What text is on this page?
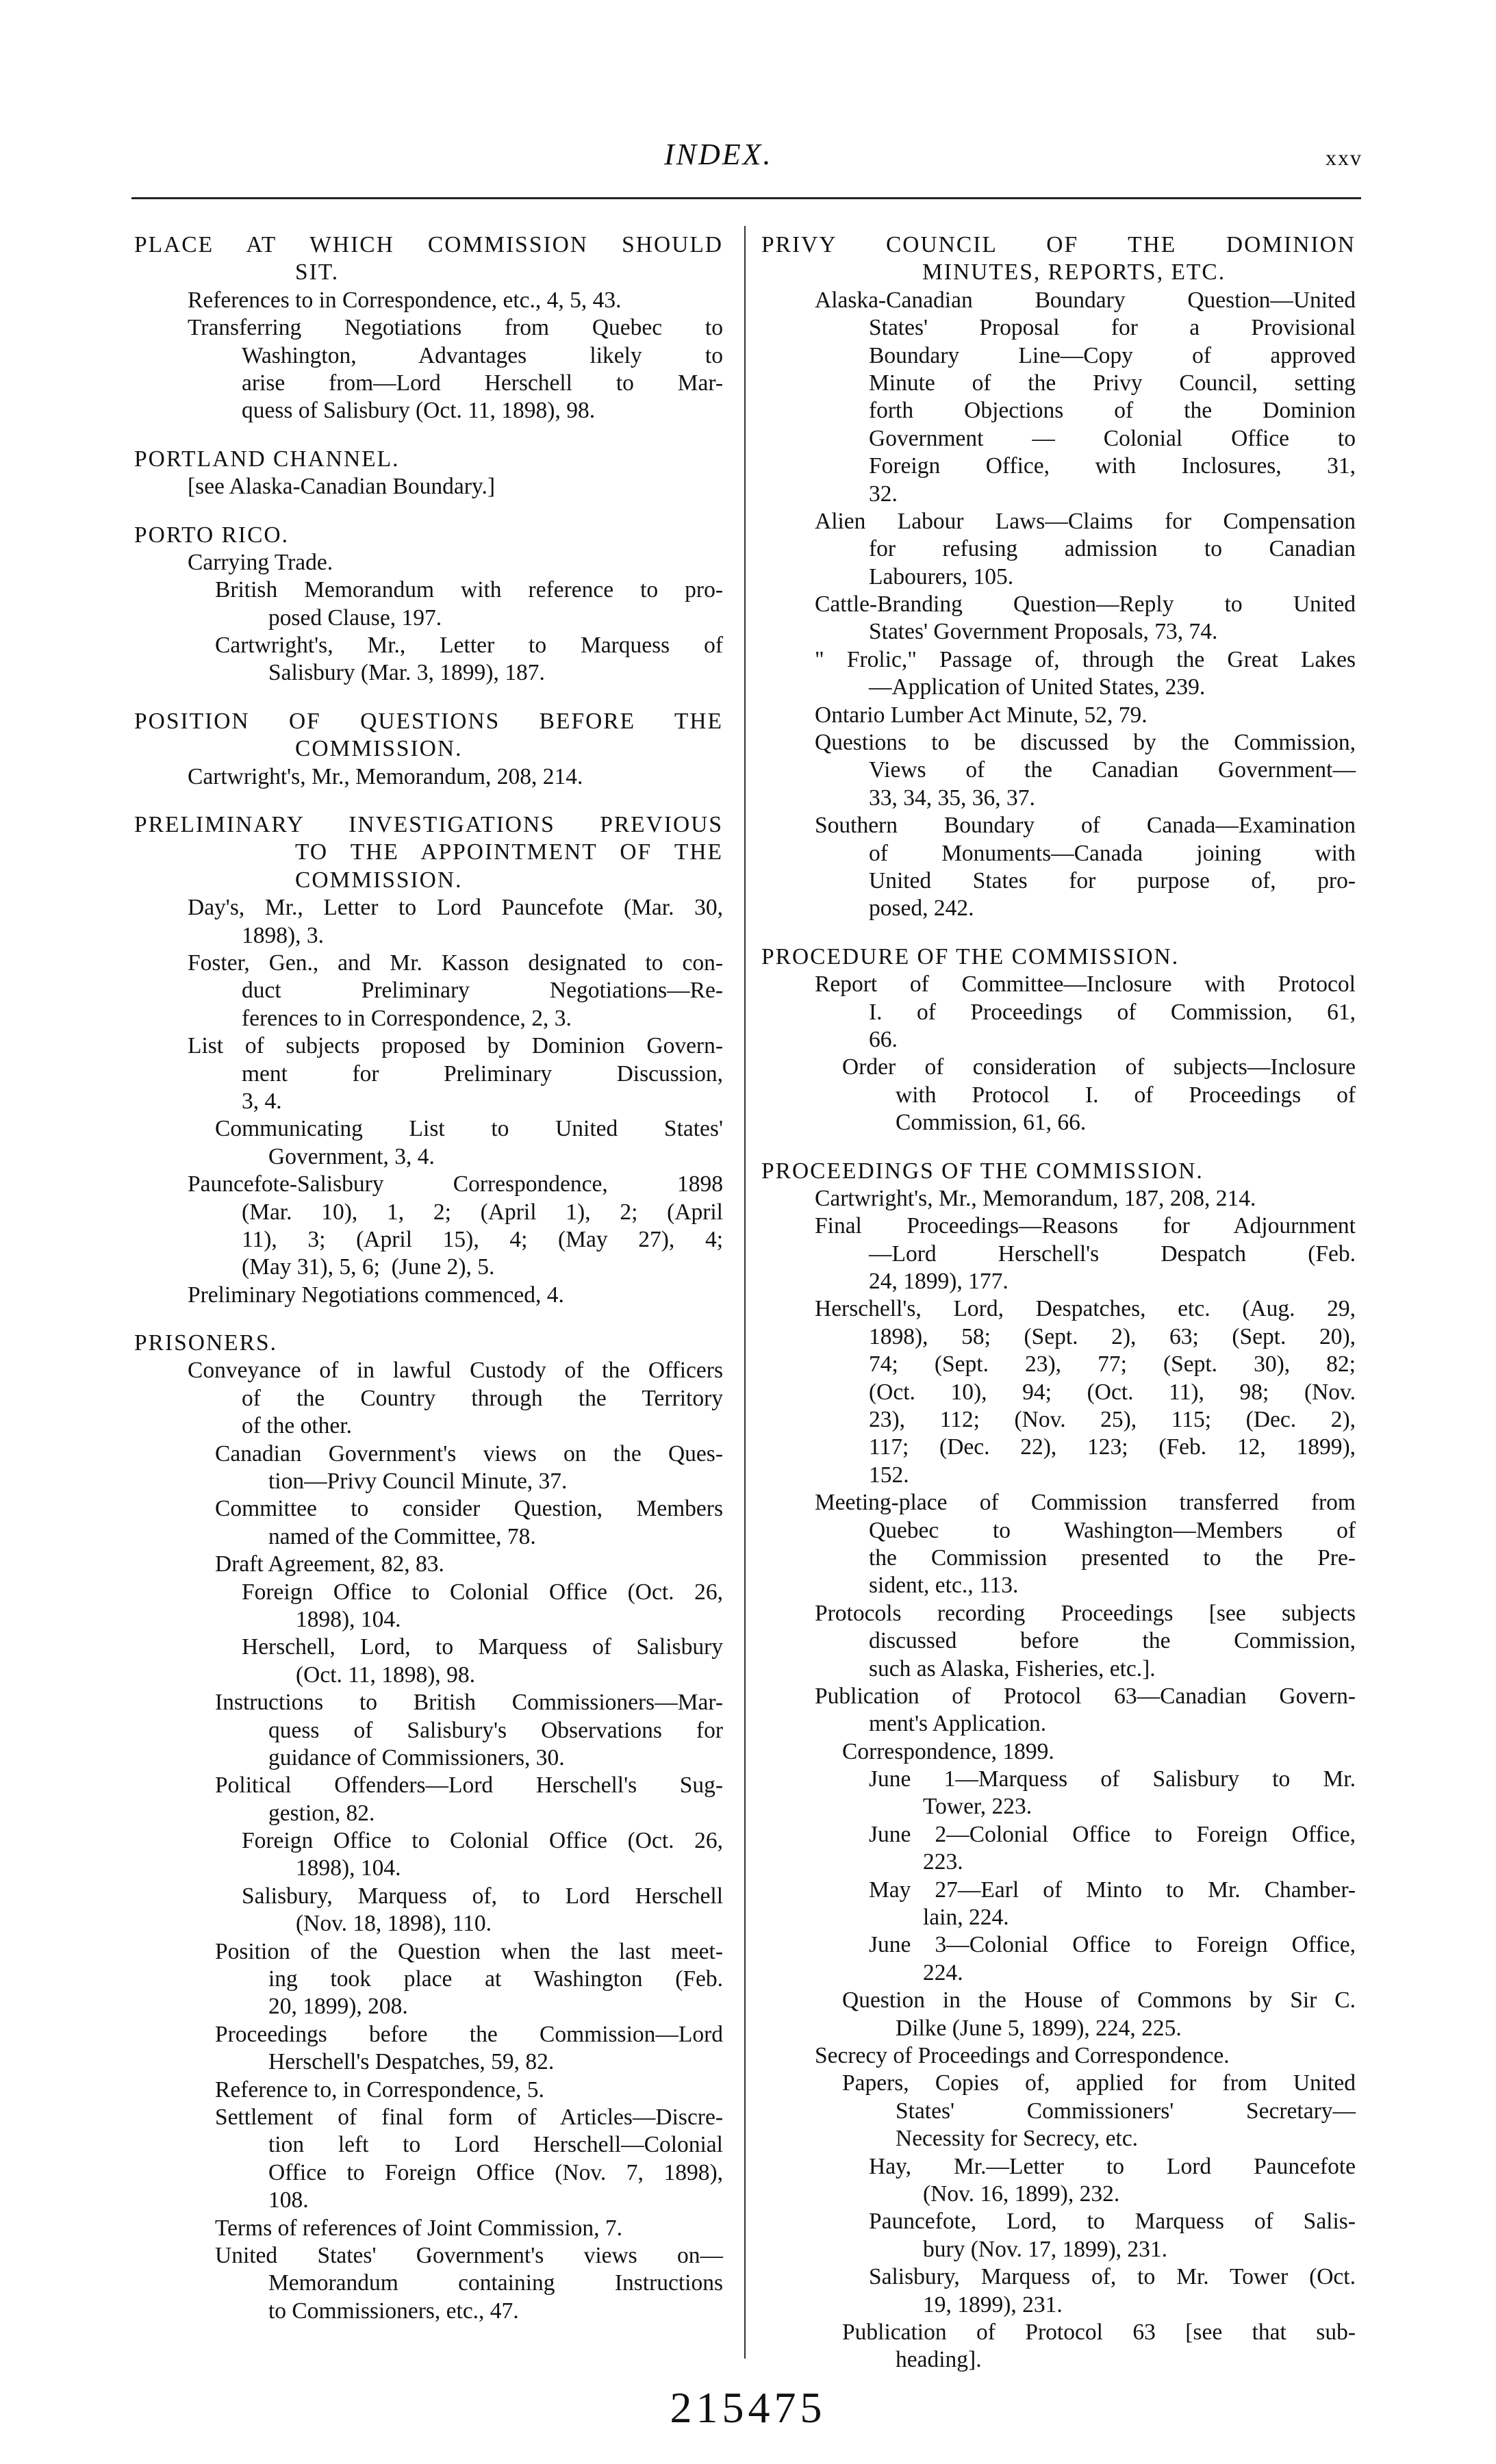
INDEX.	xxv
PLACE AT WHICH COMMISSION SHOULD
SIT.
References to in Correspondence, etc., 4, 5, 43.
Transferring Negotiations from Quebec to
Washington, Advantages likely to
arise from—Lord Herschell to Mar-
quess of Salisbury (Oct. 11, 1898), 98.
PORTLAND CHANNEL.
[see Alaska-Canadian Boundary.]
PORTO RICO.
Carrying Trade.
British Memorandum with reference to pro-
posed Clause, 197.
Cartwright's, Mr., Letter to Marquess of
Salisbury (Mar. 3, 1899), 187.
POSITION OF QUESTIONS BEFORE THE
COMMISSION.
Cartwright's, Mr., Memorandum, 208, 214.
PRELIMINARY INVESTIGATIONS PREVIOUS
TO THE APPOINTMENT OF THE
COMMISSION.
Day's, Mr., Letter to Lord Pauncefote (Mar. 30,
1898), 3.
Foster, Gen., and Mr. Kasson designated to con-
duct Preliminary Negotiations—Re-
ferences to in Correspondence, 2, 3.
List of subjects proposed by Dominion Govern-
ment for Preliminary Discussion,
3, 4.
Communicating List to United States'
Government, 3, 4.
Pauncefote-Salisbury Correspondence, 1898
(Mar. 10), 1, 2; (April 1), 2; (April
11), 3; (April 15), 4; (May 27), 4;
(May 31), 5, 6;  (June 2), 5.
Preliminary Negotiations commenced, 4.
PRISONERS.
Conveyance of in lawful Custody of the Officers
of the Country through the Territory
of the other.
Canadian Government's views on the Ques-
tion—Privy Council Minute, 37.
Committee to consider Question, Members
named of the Committee, 78.
Draft Agreement, 82, 83.
Foreign Office to Colonial Office (Oct. 26,
1898), 104.
Herschell, Lord, to Marquess of Salisbury
(Oct. 11, 1898), 98.
Instructions to British Commissioners—Mar-
quess of Salisbury's Observations for
guidance of Commissioners, 30.
Political Offenders—Lord Herschell's Sug-
gestion, 82.
Foreign Office to Colonial Office (Oct. 26,
1898), 104.
Salisbury, Marquess of, to Lord Herschell
(Nov. 18, 1898), 110.
Position of the Question when the last meet-
ing took place at Washington (Feb.
20, 1899), 208.
Proceedings before the Commission—Lord
Herschell's Despatches, 59, 82.
Reference to, in Correspondence, 5.
Settlement of final form of Articles—Discre-
tion left to Lord Herschell—Colonial
Office to Foreign Office (Nov. 7, 1898),
108.
Terms of references of Joint Commission, 7.
United States' Government's views on—
Memorandum containing Instructions
to Commissioners, etc., 47.
PRIVY COUNCIL OF THE DOMINION
MINUTES, REPORTS, ETC.
Alaska-Canadian Boundary Question—United
States' Proposal for a Provisional
Boundary Line—Copy of approved
Minute of the Privy Council, setting
forth Objections of the Dominion
Government — Colonial Office to
Foreign Office, with Inclosures, 31,
32.
Alien Labour Laws—Claims for Compensation
for refusing admission to Canadian
Labourers, 105.
Cattle-Branding Question—Reply to United
States' Government Proposals, 73, 74.
" Frolic," Passage of, through the Great Lakes
—Application of United States, 239.
Ontario Lumber Act Minute, 52, 79.
Questions to be discussed by the Commission,
Views of the Canadian Government—
33, 34, 35, 36, 37.
Southern Boundary of Canada—Examination
of Monuments—Canada joining with
United States for purpose of, pro-
posed, 242.
PROCEDURE OF THE COMMISSION.
Report of Committee—Inclosure with Protocol
I. of Proceedings of Commission, 61,
66.
Order of consideration of subjects—Inclosure
with Protocol I. of Proceedings of
Commission, 61, 66.
PROCEEDINGS OF THE COMMISSION.
Cartwright's, Mr., Memorandum, 187, 208, 214.
Final Proceedings—Reasons for Adjournment
—Lord Herschell's Despatch (Feb.
24, 1899), 177.
Herschell's, Lord, Despatches, etc. (Aug. 29,
1898), 58; (Sept. 2), 63; (Sept. 20),
74; (Sept. 23), 77; (Sept. 30), 82;
(Oct. 10), 94; (Oct. 11), 98; (Nov.
23), 112; (Nov. 25), 115; (Dec. 2),
117; (Dec. 22), 123; (Feb. 12, 1899),
152.
Meeting-place of Commission transferred from
Quebec to Washington—Members of
the Commission presented to the Pre-
sident, etc., 113.
Protocols recording Proceedings [see subjects
discussed before the Commission,
such as Alaska, Fisheries, etc.].
Publication of Protocol 63—Canadian Govern-
ment's Application.
Correspondence, 1899.
June 1—Marquess of Salisbury to Mr.
Tower, 223.
June 2—Colonial Office to Foreign Office,
223.
May 27—Earl of Minto to Mr. Chamber-
lain, 224.
June 3—Colonial Office to Foreign Office,
224.
Question in the House of Commons by Sir C.
Dilke (June 5, 1899), 224, 225.
Secrecy of Proceedings and Correspondence.
Papers, Copies of, applied for from United
States' Commissioners' Secretary—
Necessity for Secrecy, etc.
Hay, Mr.—Letter to Lord Pauncefote
(Nov. 16, 1899), 232.
Pauncefote, Lord, to Marquess of Salis-
bury (Nov. 17, 1899), 231.
Salisbury, Marquess of, to Mr. Tower (Oct.
19, 1899), 231.
Publication of Protocol 63 [see that sub-
heading].
215475
